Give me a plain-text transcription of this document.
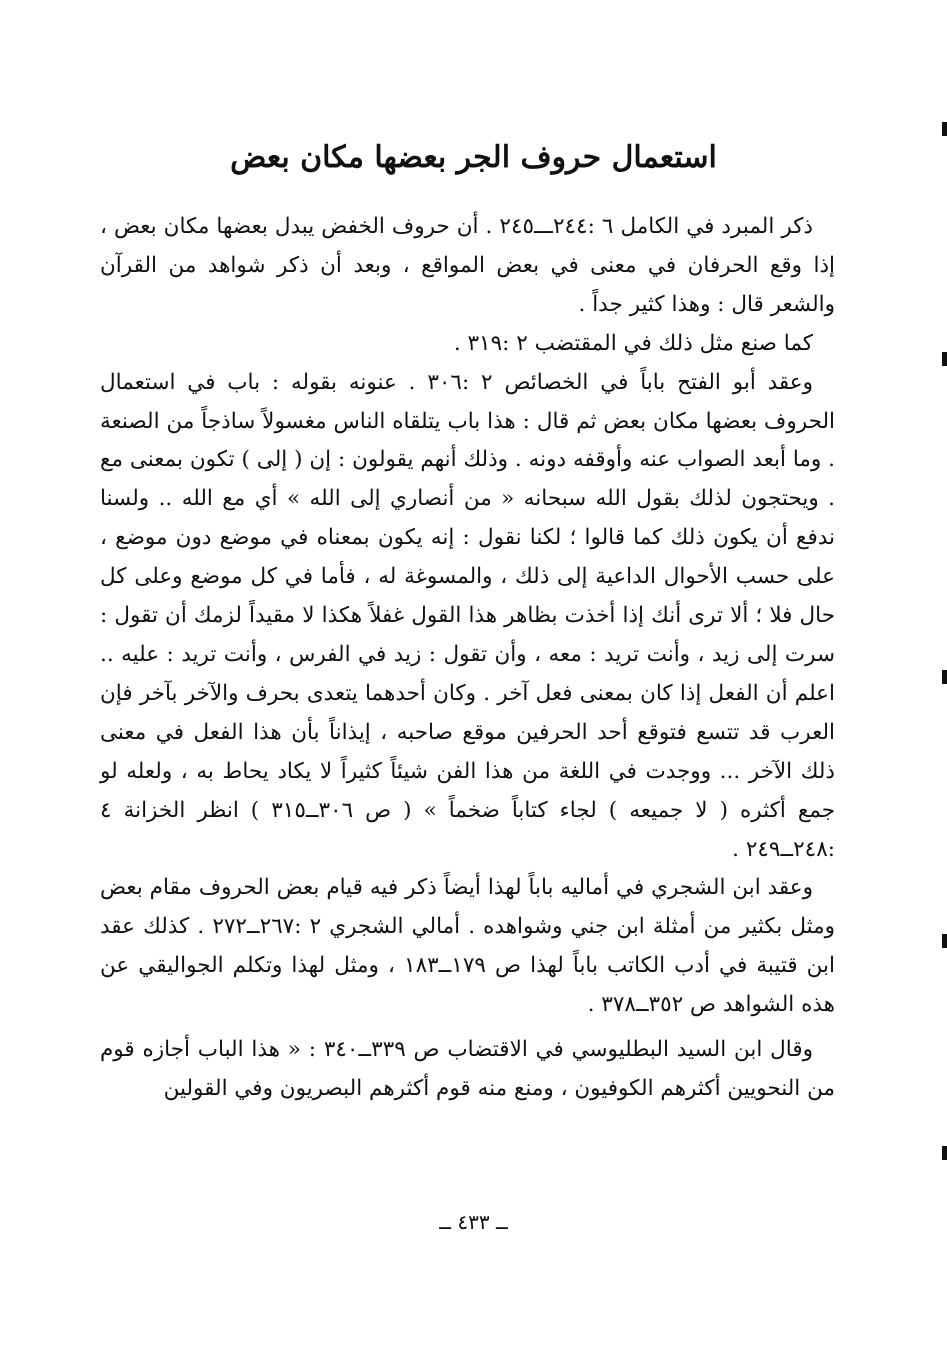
استعمال حروف الجر بعضها مكان بعض

ذكر المبرد في الكامل ٦ :٢٤٤ـــ٢٤٥ . أن حروف الخفض يبدل بعضها مكان بعض ، إذا وقع الحرفان في معنى في بعض المواقع ، وبعد أن ذكر شواهد من القرآن والشعر قال : وهذا كثير جداً .

كما صنع مثل ذلك في المقتضب ٢ :٣١٩ .

وعقد أبو الفتح باباً في الخصائص ٢ :٣٠٦ . عنونه بقوله : باب في استعمال الحروف بعضها مكان بعض ثم قال : هذا باب يتلقاه الناس مغسولاً ساذجاً من الصنعة . وما أبعد الصواب عنه وأوقفه دونه . وذلك أنهم يقولون : إن ( إلى ) تكون بمعنى مع . ويحتجون لذلك بقول الله سبحانه « من أنصاري إلى الله » أي مع الله .. ولسنا ندفع أن يكون ذلك كما قالوا ؛ لكنا نقول : إنه يكون بمعناه في موضع دون موضع ، على حسب الأحوال الداعية إلى ذلك ، والمسوغة له ، فأما في كل موضع وعلى كل حال فلا ؛ ألا ترى أنك إذا أخذت بظاهر هذا القول غفلاً هكذا لا مقيداً لزمك أن تقول : سرت إلى زيد ، وأنت تريد : معه ، وأن تقول : زيد في الفرس ، وأنت تريد : عليه .. اعلم أن الفعل إذا كان بمعنى فعل آخر . وكان أحدهما يتعدى بحرف والآخر بآخر فإن العرب قد تتسع فتوقع أحد الحرفين موقع صاحبه ، إيذاناً بأن هذا الفعل في معنى ذلك الآخر ... ووجدت في اللغة من هذا الفن شيئاً كثيراً لا يكاد يحاط به ، ولعله لو جمع أكثره ( لا جميعه ) لجاء كتاباً ضخماً » ( ص ٣٠٦ــ٣١٥ ) انظر الخزانة ٤ :٢٤٨ــ٢٤٩ .

وعقد ابن الشجري في أماليه باباً لهذا أيضاً ذكر فيه قيام بعض الحروف مقام بعض ومثل بكثير من أمثلة ابن جني وشواهده . أمالي الشجري ٢ :٢٦٧ــ٢٧٢ . كذلك عقد ابن قتيبة في أدب الكاتب باباً لهذا ص ١٧٩ــ١٨٣ ، ومثل لهذا وتكلم الجواليقي عن هذه الشواهد ص ٣٥٢ــ٣٧٨ .

وقال ابن السيد البطليوسي في الاقتضاب ص ٣٣٩ــ٣٤٠ : « هذا الباب أجازه قوم من النحويين أكثرهم الكوفيون ، ومنع منه قوم أكثرهم البصريون وفي القولين

ــ ٤٣٣ ــ
